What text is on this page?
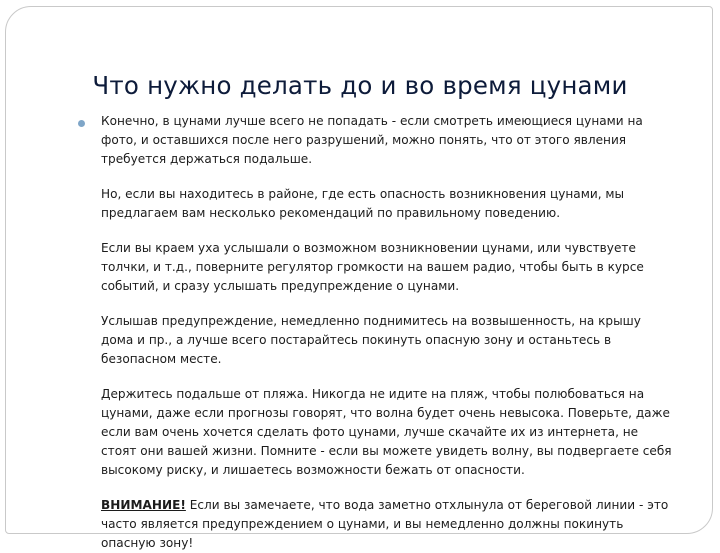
Что нужно делать до и во время цунами

Конечно, в цунами лучше всего не попадать - если смотреть имеющиеся цунами на фото, и оставшихся после него разрушений, можно понять, что от этого явления требуется держаться подальше.

Но, если вы находитесь в районе, где есть опасность возникновения цунами, мы предлагаем вам несколько рекомендаций по правильному поведению.

Если вы краем уха услышали о возможном возникновении цунами, или чувствуете толчки, и т.д., поверните регулятор громкости на вашем радио, чтобы быть в курсе событий, и сразу услышать предупреждение о цунами.

Услышав предупреждение, немедленно поднимитесь на возвышенность, на крышу дома и пр., а лучше всего постарайтесь покинуть опасную зону и останьтесь в безопасном месте.

Держитесь подальше от пляжа. Никогда не идите на пляж, чтобы полюбоваться на цунами, даже если прогнозы говорят, что волна будет очень невысока. Поверьте, даже если вам очень хочется сделать фото цунами, лучше скачайте их из интернета, не стоят они вашей жизни. Помните - если вы можете увидеть волну, вы подвергаете себя высокому риску, и лишаетесь возможности бежать от опасности.

ВНИМАНИЕ! Если вы замечаете, что вода заметно отхлынула от береговой линии - это часто является предупреждением о цунами, и вы немедленно должны покинуть опасную зону!
